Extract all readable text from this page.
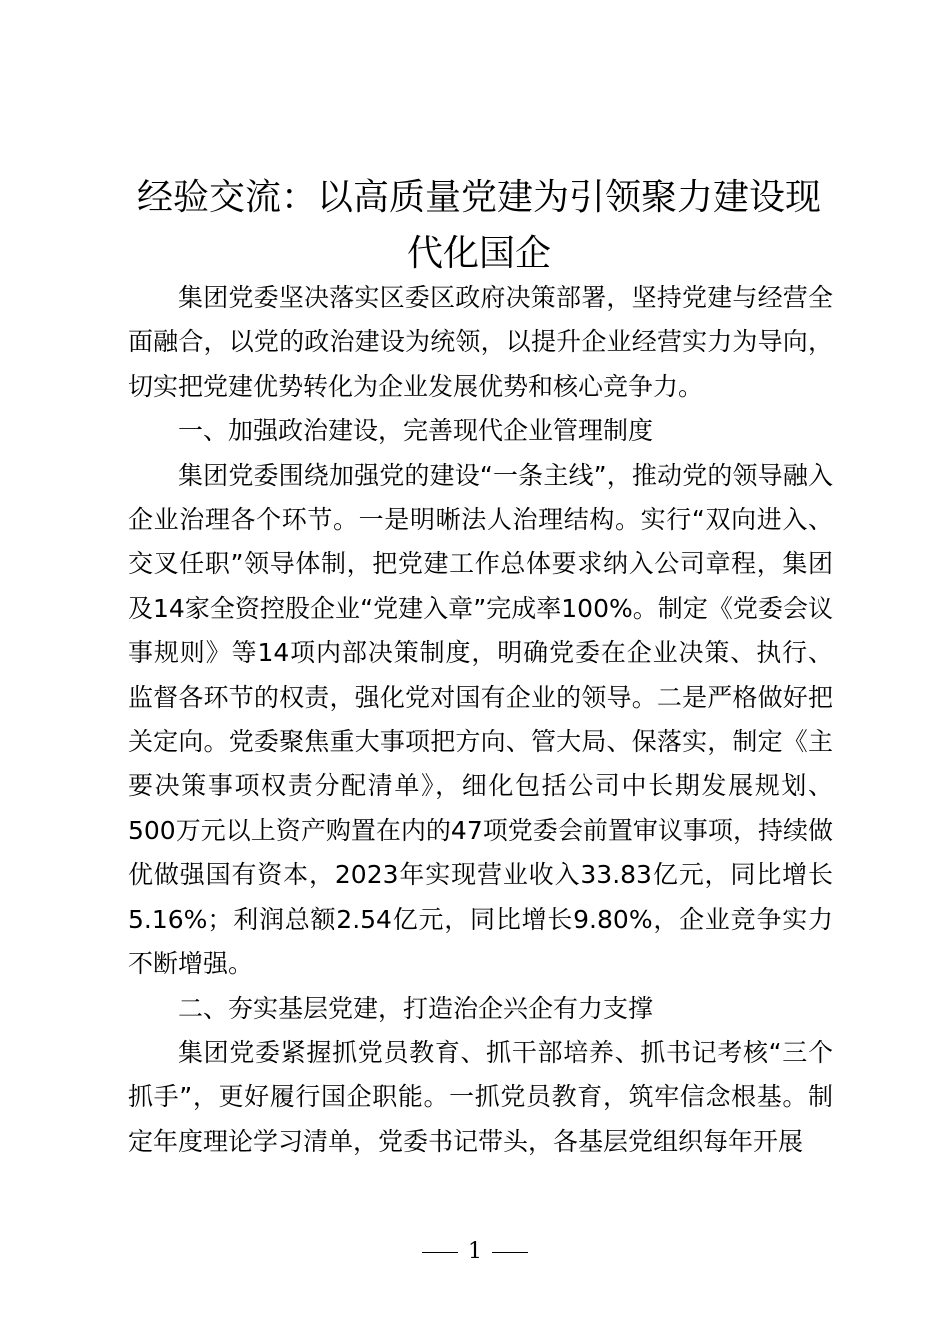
经验交流：以高质量党建为引领聚力建设现代化国企

集团党委坚决落实区委区政府决策部署，坚持党建与经营全面融合，以党的政治建设为统领，以提升企业经营实力为导向，切实把党建优势转化为企业发展优势和核心竞争力。

一、加强政治建设，完善现代企业管理制度

集团党委围绕加强党的建设“一条主线”，推动党的领导融入企业治理各个环节。一是明晰法人治理结构。实行“双向进入、交叉任职”领导体制，把党建工作总体要求纳入公司章程，集团及14家全资控股企业“党建入章”完成率100%。制定《党委会议事规则》等14项内部决策制度，明确党委在企业决策、执行、监督各环节的权责，强化党对国有企业的领导。二是严格做好把关定向。党委聚焦重大事项把方向、管大局、保落实，制定《主要决策事项权责分配清单》，细化包括公司中长期发展规划、500万元以上资产购置在内的47项党委会前置审议事项，持续做优做强国有资本，2023年实现营业收入33.83亿元，同比增长5.16%；利润总额2.54亿元，同比增长9.80%，企业竞争实力不断增强。

二、夯实基层党建，打造治企兴企有力支撑

集团党委紧握抓党员教育、抓干部培养、抓书记考核“三个抓手”，更好履行国企职能。一抓党员教育，筑牢信念根基。制定年度理论学习清单，党委书记带头，各基层党组织每年开展

1
